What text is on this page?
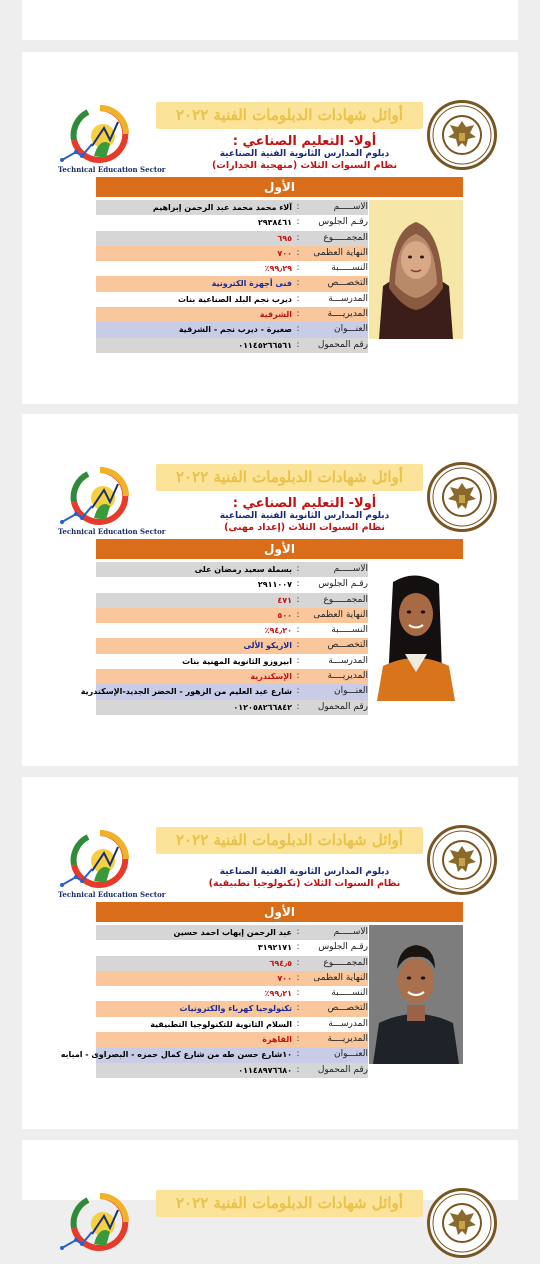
أوائل شهادات الدبلومات الفنية ٢٠٢٢
Technical Education Sector
أولا- التعليم الصناعي :
دبلوم المدارس الثانوية الفنية الصناعية
نظام السنوات الثلاث (منهجية الجدارات)
الأول
الاســـــم
:
آلاء محمد محمد عبد الرحمن إبراهيم
رقـم الجلوس
:
٢٩٣٨٤٦١
المجمـــــوع
:
٦٩٥
النهاية العظمى
:
٧٠٠
النســـــبة
:
٩٩٫٢٩٪
التخصـــص
:
فنى أجهزة الكترونية
المدرســـة
:
ديرب نجم البلد الصناعية بنات
المديريــــة
:
الشرقية
العنـــوان
:
صغيرة - ديرب نجم - الشرقية
رقم المحمول
:
٠١١٤٥٢٦٦٥٦١
أوائل شهادات الدبلومات الفنية ٢٠٢٢
Technical Education Sector
أولا- التعليم الصناعي :
دبلوم المدارس الثانوية الفنية الصناعية
نظام السنوات الثلاث (إعداد مهنى)
الأول
الاســـــم
:
بسملة سعيد رمضان على
رقـم الجلوس
:
٢٩١١٠٠٧
المجمـــــوع
:
٤٧١
النهاية العظمى
:
٥٠٠
النســـــبة
:
٩٤٫٢٠٪
التخصـــص
:
الازيكو الألى
المدرســـة
:
ابيروزو الثانوية المهنية بنات
المديريــــة
:
الإسكندرية
العنـــوان
:
شارع عبد العليم من الزهور - الحضر الجديد-الإسكندرية
رقم المحمول
:
٠١٢٠٥٨٢٦٦٨٤٢
أوائل شهادات الدبلومات الفنية ٢٠٢٢
Technical Education Sector
دبلوم المدارس الثانوية الفنية الصناعية
نظام السنوات الثلاث (تكنولوجيا تطبيقية)
الأول
الاســـــم
:
عبد الرحمن إيهاب احمد حسين
رقـم الجلوس
:
٣١٩٢١٧١
المجمـــــوع
:
٦٩٤٫٥
النهاية العظمى
:
٧٠٠
النســـــبة
:
٩٩٫٢١٪
التخصـــص
:
تكنولوجيا كهرباء والكترونيات
المدرســـة
:
السلام الثانوية للتكنولوجيا التطبيقية
المديريــــة
:
القاهرة
العنـــوان
:
١٠شارع حسن طه من شارع كمال حمزه - البصراوى - امبابه
رقم المحمول
:
٠١١٤٨٩٧٦٦٨٠
أوائل شهادات الدبلومات الفنية ٢٠٢٢
